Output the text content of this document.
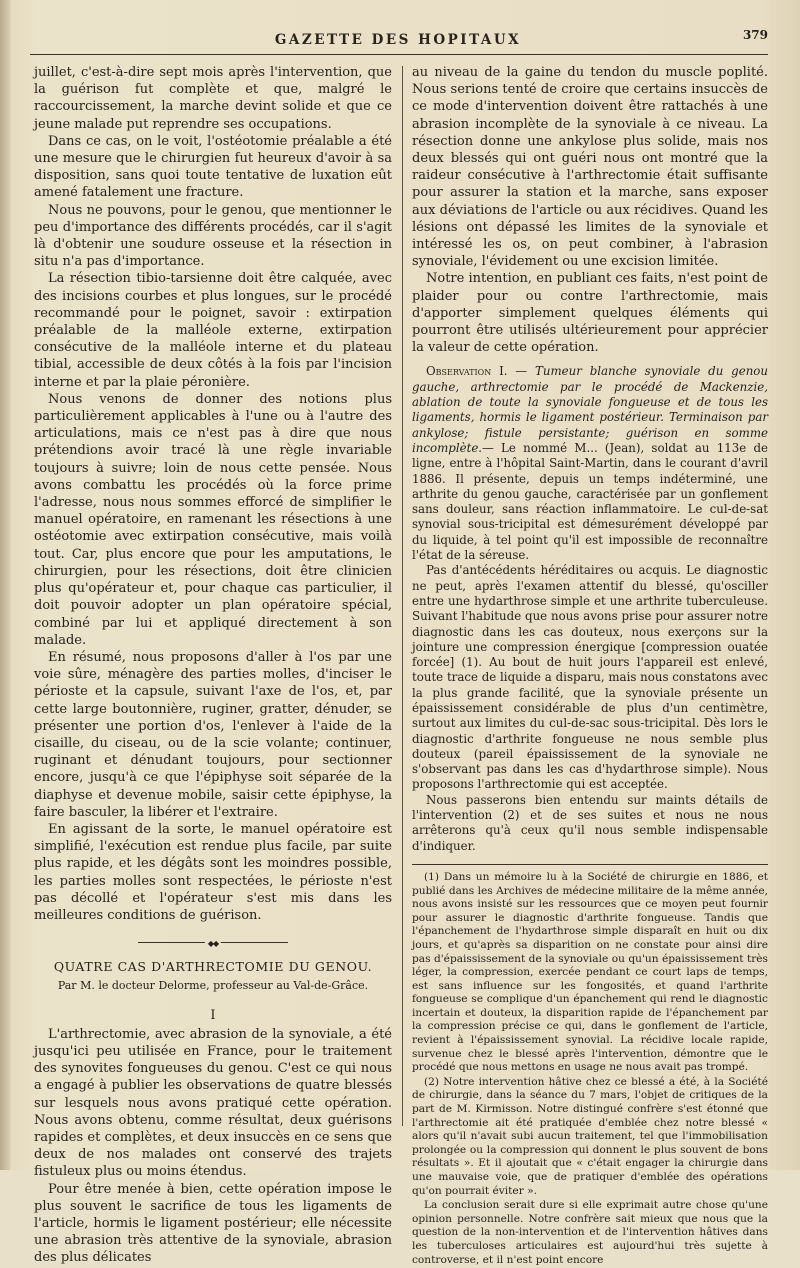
GAZETTE DES HOPITAUX	379

juillet, c'est-à-dire sept mois après l'intervention, que la guérison fut complète et que, malgré le raccourcissement, la marche devint solide et que ce jeune malade put reprendre ses occupations.

Dans ce cas, on le voit, l'ostéotomie préalable a été une mesure que le chirurgien fut heureux d'avoir à sa disposition, sans quoi toute tentative de luxation eût amené fatalement une fracture.

Nous ne pouvons, pour le genou, que mentionner le peu d'importance des différents procédés, car il s'agit là d'obtenir une soudure osseuse et la résection in situ n'a pas d'importance.

La résection tibio-tarsienne doit être calquée, avec des incisions courbes et plus longues, sur le procédé recommandé pour le poignet, savoir : extirpation préalable de la malléole externe, extirpation consécutive de la malléole interne et du plateau tibial, accessible de deux côtés à la fois par l'incision interne et par la plaie péronière.

Nous venons de donner des notions plus particulièrement applicables à l'une ou à l'autre des articulations, mais ce n'est pas à dire que nous prétendions avoir tracé là une règle invariable toujours à suivre; loin de nous cette pensée. Nous avons combattu les procédés où la force prime l'adresse, nous nous sommes efforcé de simplifier le manuel opératoire, en ramenant les résections à une ostéotomie avec extirpation consécutive, mais voilà tout. Car, plus encore que pour les amputations, le chirurgien, pour les résections, doit être clinicien plus qu'opérateur et, pour chaque cas particulier, il doit pouvoir adopter un plan opératoire spécial, combiné par lui et appliqué directement à son malade.

En résumé, nous proposons d'aller à l'os par une voie sûre, ménagère des parties molles, d'inciser le périoste et la capsule, suivant l'axe de l'os, et, par cette large boutonnière, ruginer, gratter, dénuder, se présenter une portion d'os, l'enlever à l'aide de la cisaille, du ciseau, ou de la scie volante; continuer, ruginant et dénudant toujours, pour sectionner encore, jusqu'à ce que l'épiphyse soit séparée de la diaphyse et devenue mobile, saisir cette épiphyse, la faire basculer, la libérer et l'extraire.

En agissant de la sorte, le manuel opératoire est simplifié, l'exécution est rendue plus facile, par suite plus rapide, et les dégâts sont les moindres possible, les parties molles sont respectées, le périoste n'est pas décollé et l'opérateur s'est mis dans les meilleures conditions de guérison.

◆◆
QUATRE CAS D'ARTHRECTOMIE DU GENOU.
Par M. le docteur Delorme, professeur au Val-de-Grâce.
I

L'arthrectomie, avec abrasion de la synoviale, a été jusqu'ici peu utilisée en France, pour le traitement des synovites fongueuses du genou. C'est ce qui nous a engagé à publier les observations de quatre blessés sur lesquels nous avons pratiqué cette opération. Nous avons obtenu, comme résultat, deux guérisons rapides et complètes, et deux insuccès en ce sens que deux de nos malades ont conservé des trajets fistuleux plus ou moins étendus.

Pour être menée à bien, cette opération impose le plus souvent le sacrifice de tous les ligaments de l'article, hormis le ligament postérieur; elle nécessite une abrasion très attentive de la synoviale, abrasion des plus délicates

au niveau de la gaine du tendon du muscle poplité. Nous serions tenté de croire que certains insuccès de ce mode d'intervention doivent être rattachés à une abrasion incomplète de la synoviale à ce niveau. La résection donne une ankylose plus solide, mais nos deux blessés qui ont guéri nous ont montré que la raideur consécutive à l'arthrectomie était suffisante pour assurer la station et la marche, sans exposer aux déviations de l'article ou aux récidives. Quand les lésions ont dépassé les limites de la synoviale et intéressé les os, on peut combiner, à l'abrasion synoviale, l'évidement ou une excision limitée.

Notre intention, en publiant ces faits, n'est point de plaider pour ou contre l'arthrectomie, mais d'apporter simplement quelques éléments qui pourront être utilisés ultérieurement pour apprécier la valeur de cette opération.

Observation I. — Tumeur blanche synoviale du genou gauche, arthrectomie par le procédé de Mackenzie, ablation de toute la synoviale fongueuse et de tous les ligaments, hormis le ligament postérieur. Terminaison par ankylose; fistule persistante; guérison en somme incomplète.— Le nommé M... (Jean), soldat au 113e de ligne, entre à l'hôpital Saint-Martin, dans le courant d'avril 1886. Il présente, depuis un temps indéterminé, une arthrite du genou gauche, caractérisée par un gonflement sans douleur, sans réaction inflammatoire. Le cul-de-sat synovial sous-tricipital est démesurément développé par du liquide, à tel point qu'il est impossible de reconnaître l'état de la séreuse.

Pas d'antécédents héréditaires ou acquis. Le diagnostic ne peut, après l'examen attentif du blessé, qu'osciller entre une hydarthrose simple et une arthrite tuberculeuse. Suivant l'habitude que nous avons prise pour assurer notre diagnostic dans les cas douteux, nous exerçons sur la jointure une compression énergique [compression ouatée forcée] (1). Au bout de huit jours l'appareil est enlevé, toute trace de liquide a disparu, mais nous constatons avec la plus grande facilité, que la synoviale présente un épaississement considérable de plus d'un centimètre, surtout aux limites du cul-de-sac sous-tricipital. Dès lors le diagnostic d'arthrite fongueuse ne nous semble plus douteux (pareil épaississement de la synoviale ne s'observant pas dans les cas d'hydarthrose simple). Nous proposons l'arthrectomie qui est acceptée.

Nous passerons bien entendu sur maints détails de l'intervention (2) et de ses suites et nous ne nous arrêterons qu'à ceux qu'il nous semble indispensable d'indiquer.

(1) Dans un mémoire lu à la Société de chirurgie en 1886, et publié dans les Archives de médecine militaire de la même année, nous avons insisté sur les ressources que ce moyen peut fournir pour assurer le diagnostic d'arthrite fongueuse. Tandis que l'épanchement de l'hydarthrose simple disparaît en huit ou dix jours, et qu'après sa disparition on ne constate pour ainsi dire pas d'épaississement de la synoviale ou qu'un épaississement très léger, la compression, exercée pendant ce court laps de temps, est sans influence sur les fongosités, et quand l'arthrite fongueuse se complique d'un épanchement qui rend le diagnostic incertain et douteux, la disparition rapide de l'épanchement par la compression précise ce qui, dans le gonflement de l'article, revient à l'épaississement synovial. La récidive locale rapide, survenue chez le blessé après l'intervention, démontre que le procédé que nous mettons en usage ne nous avait pas trompé.

(2) Notre intervention hâtive chez ce blessé a été, à la Société de chirurgie, dans la séance du 7 mars, l'objet de critiques de la part de M. Kirmisson. Notre distingué confrère s'est étonné que l'arthrectomie ait été pratiquée d'emblée chez notre blessé « alors qu'il n'avait subi aucun traitement, tel que l'immobilisation prolongée ou la compression qui donnent le plus souvent de bons résultats ». Et il ajoutait que « c'était engager la chirurgie dans une mauvaise voie, que de pratiquer d'emblée des opérations qu'on pourrait éviter ».

La conclusion serait dure si elle exprimait autre chose qu'une opinion personnelle. Notre confrère sait mieux que nous que la question de la non-intervention et de l'intervention hâtives dans les tuberculoses articulaires est aujourd'hui très sujette à controverse, et il n'est point encore
